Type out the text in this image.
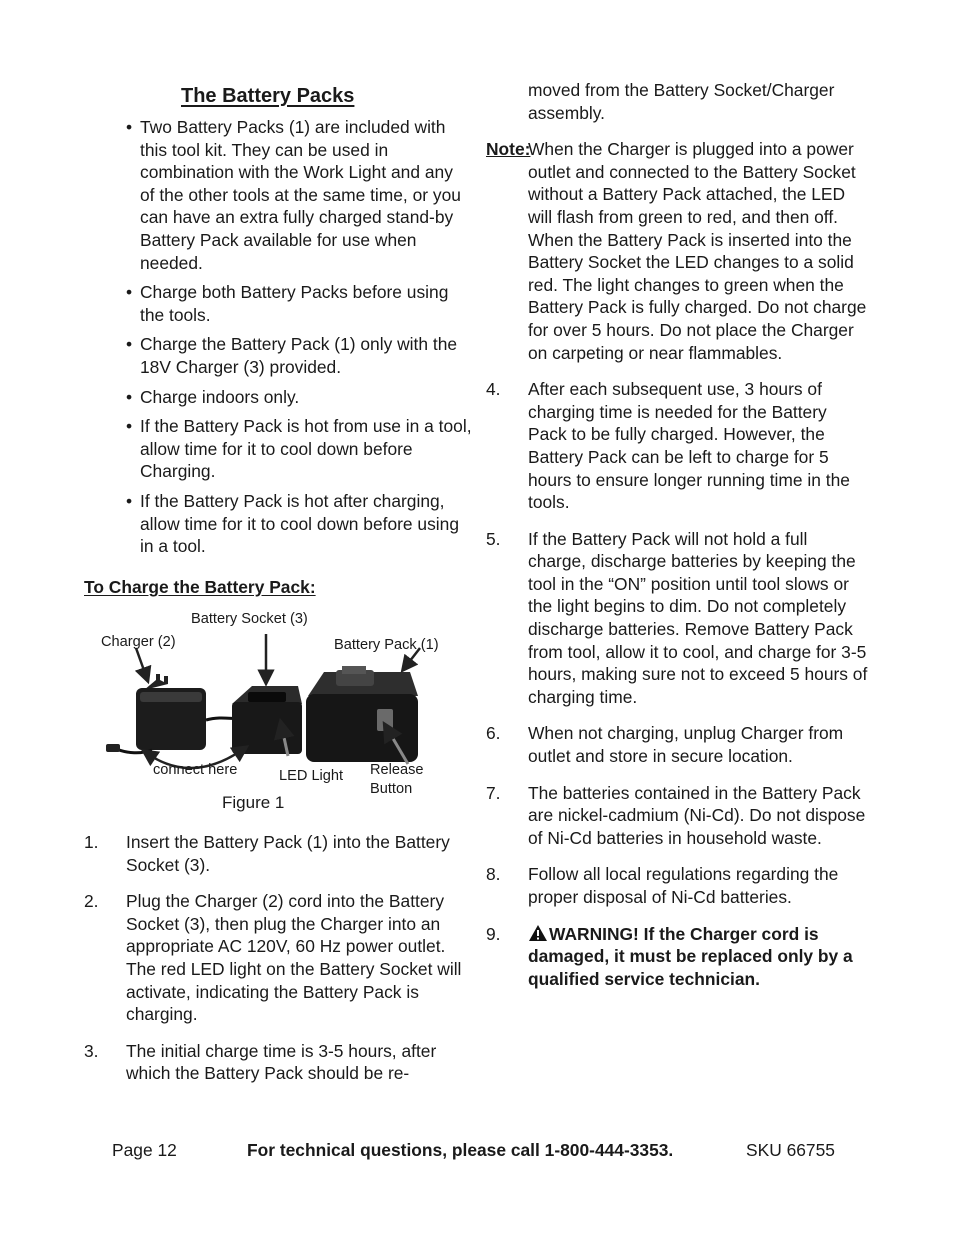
The Battery Packs
• Two Battery Packs (1) are included with this tool kit. They can be used in combination with the Work Light and any of the other tools at the same time, or you can have an extra fully charged stand-by Battery Pack available for use when needed.
• Charge both Battery Packs before using the tools.
• Charge the Battery Pack (1) only with the 18V Charger (3) provided.
• Charge indoors only.
• If the Battery Pack is hot from use in a tool, allow time for it to cool down before Charging.
• If the Battery Pack is hot after charging, allow time for it to cool down before using in a tool.
To Charge the Battery Pack:
Battery Socket (3)
Charger (2)	Battery Pack (1)
connect here	LED Light Release
Button
Figure 1
1.	Insert the Battery Pack (1) into the Battery Socket (3).
2.	Plug the Charger (2) cord into the Battery Socket (3), then plug the Charger into an appropriate AC 120V, 60 Hz power outlet. The red LED light on the Battery Socket will activate, indicating the Battery Pack is charging.
3.	The initial charge time is 3-5 hours, after which the Battery Pack should be re-
moved from the Battery Socket/Charger assembly.
Note:
When the Charger is plugged into a power outlet and connected to the Battery Socket without a Battery Pack attached, the LED will flash from green to red, and then off. When the Battery Pack is inserted into the Battery Socket the LED changes to a solid red. The light changes to green when the Battery Pack is fully charged. Do not charge for over 5 hours. Do not place the Charger on carpeting or near flammables.
4.	After each subsequent use, 3 hours of charging time is needed for the Battery Pack to be fully charged. However, the Battery Pack can be left to charge for 5 hours to ensure longer running time in the tools.
5.	If the Battery Pack will not hold a full charge, discharge batteries by keeping the tool in the “ON” position until tool slows or the light begins to dim. Do not completely discharge batteries. Remove Battery Pack from tool, allow it to cool, and charge for 3-5 hours, making sure not to exceed 5 hours of charging time.
6.	When not charging, unplug Charger from outlet and store in secure location.
7.	The batteries contained in the Battery Pack are nickel-cadmium (Ni-Cd). Do not dispose of Ni-Cd batteries in household waste.
8.	Follow all local regulations regarding the proper disposal of Ni-Cd batteries.
9.	WARNING! If the Charger cord is damaged, it must be replaced only by a qualified service technician.
Page 12	For technical questions, please call 1-800-444-3353.	SKU 66755
